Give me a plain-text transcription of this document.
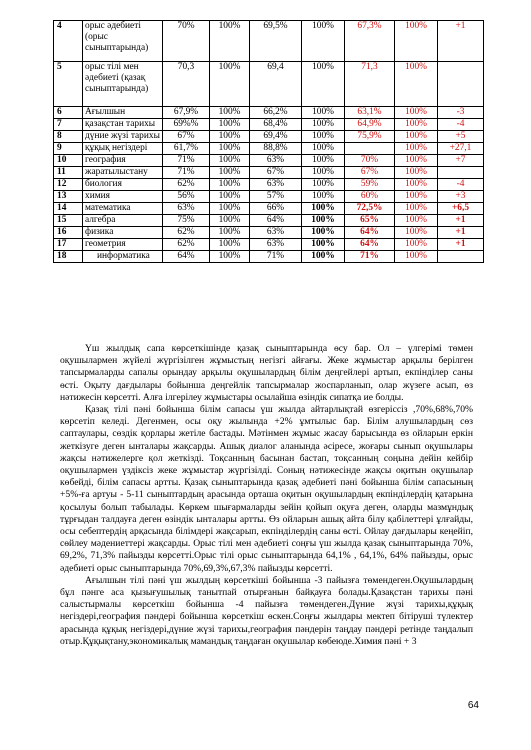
4	орыс әдебиеті (орыс сыныптарында)	70%	100%	69,5%	100%	67,3%	100%	+1
5	орыс тілі мен әдебиеті (қазақ сыныптарында)	70,3	100%	69,4	100%	71,3	100%	
6	Ағылшын	67,9%	100%	66,2%	100%	63,1%	100%	-3
7	қазақстан тарихы	69%%	100%	68,4%	100%	64,9%	100%	-4
8	дүние жүзі тарихы	67%	100%	69,4%	100%	75,9%	100%	+5
9	құқық негіздері	61,7%	100%	88,8%	100%		100%	+27,1
10	география	71%	100%	63%	100%	70%	100%	+7
11	жаратылыстану	71%	100%	67%	100%	67%	100%	
12	биология	62%	100%	63%	100%	59%	100%	-4
13	химия	56%	100%	57%	100%	60%	100%	+3
14	математика	63%	100%	66%	100%	72,5%	100%	+6,5
15	алгебра	75%	100%	64%	100%	65%	100%	+1
16	физика	62%	100%	63%	100%	64%	100%	+1
17	геометрия	62%	100%	63%	100%	64%	100%	+1
18	информатика	64%	100%	71%	100%	71%	100%	

Үш жылдық сапа көрсеткішінде қазақ сыныптарында өсу бар. Ол – үлгерімі төмен оқушылармен жүйелі жүргізілген жұмыстың негізгі айғағы. Жеке жұмыстар арқылы берілген тапсырмаларды сапалы орындау арқылы оқушылардың білім деңгейлері артып, екпінділер саны өсті. Оқыту дағдылары бойынша деңгейлік тапсырмалар жоспарланып, олар жүзеге асып, өз нәтижесін көрсетті. Алға ілгерілеу жұмыстары осылайша өзіндік сипатқа ие болды.

Қазақ тілі пәні бойынша білім сапасы үш жылда айтарлықтай өзгеріссіз ,70%,68%,70% көрсетіп келеді. Дегенмен, осы оқу жылында +2% ұмтылыс бар. Білім алушылардың сөз саптаулары, сөздік қорлары жетіле бастады. Мәтінмен жұмыс жасау барысында өз ойларын еркін жеткізуге деген ынталары жақсарды. Ашық диалог аланында әсіресе, жоғары сынып оқушылары жақсы нәтижелерге қол жеткізді. Тоқсанның басынан бастап, тоқсанның соңына дейін кейбір оқушылармен үздіксіз жеке жұмыстар жүргізілді. Соның нәтижесінде жақсы оқитын оқушылар көбейді, білім сапасы артты. Қазақ сыныптарында қазақ әдебиеті пәні бойынша білім сапасының +5%-ға артуы - 5-11 сыныптардың арасында орташа оқитын оқушылардың екпінділердің қатарына қосылуы болып табылады. Көркем шығармаларды зейін қойып оқуға деген, оларды мазмұндық тұрғыдан талдауға деген өзіндік ынталары артты. Өз ойларын ашық айта білу қабілеттері ұлғайды, осы себептердің арқасында білімдері жақсарып, екпінділердің саны өсті. Ойлау дағдылары кеңейіп, сөйлеу мәдениеттері жақсарды. Орыс тілі мен әдебиеті соңғы үш жылда қазақ сыныптарында 70%, 69,2%, 71,3% пайызды көрсетті.Орыс тілі орыс сыныптарында 64,1% , 64,1%, 64% пайызды, орыс әдебиеті орыс сыныптарында 70%,69,3%,67,3% пайызды көрсетті.

Ағылшын тілі пәні үш жылдың көрсеткіші бойынша -3 пайызға төмендеген.Оқушылардың бұл пәнге аса қызығушылық танытпай отырғанын байқауға болады.Қазақстан тарихы пәні салыстырмалы көрсеткіш бойынша -4 пайызға төмендеген.Дүние жүзі тарихы,құқық негіздері,география пәндері бойынша көрсеткіш өскен.Соңғы жылдары мектеп бітіруші түлектер арасында құқық негіздері,дүние жүзі тарихы,география пәндерін таңдау пәндері ретінде таңдалып отыр.Құқықтану,экономикалық мамандық таңдаған оқушылар көбеюде.Химия пәні + 3

64
